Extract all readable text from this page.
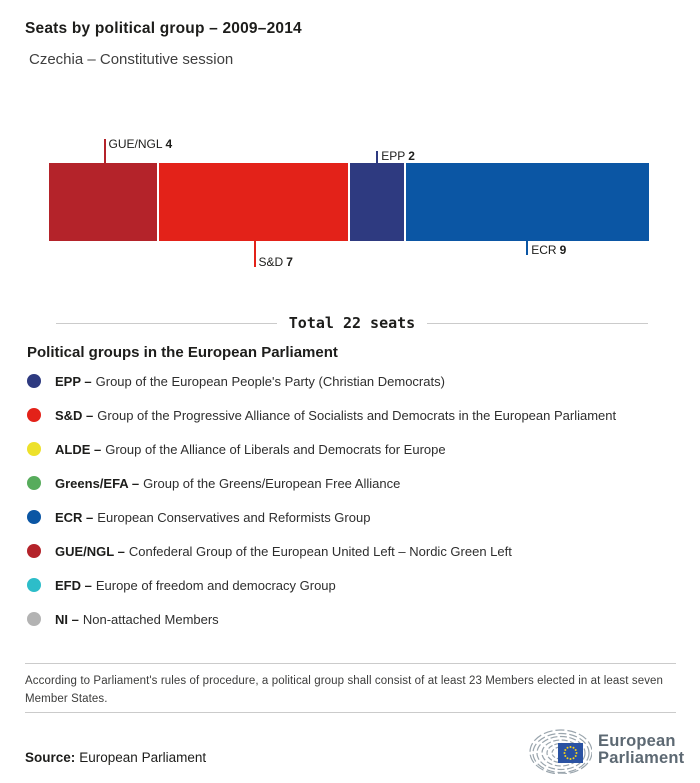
Seats by political group – 2009–2014
Czechia – Constitutive session
GUE/NGL 4
S&D 7
EPP 2
ECR 9
Total 22 seats
Political groups in the European Parliament
EPP – Group of the European People's Party (Christian Democrats)
S&D – Group of the Progressive Alliance of Socialists and Democrats in the European Parliament
ALDE – Group of the Alliance of Liberals and Democrats for Europe
Greens/EFA – Group of the Greens/European Free Alliance
ECR – European Conservatives and Reformists Group
GUE/NGL – Confederal Group of the European United Left – Nordic Green Left
EFD – Europe of freedom and democracy Group
NI – Non-attached Members
According to Parliament's rules of procedure, a political group shall consist of at least 23 Members elected in at least seven Member States.
Source: European Parliament
European
Parliament
